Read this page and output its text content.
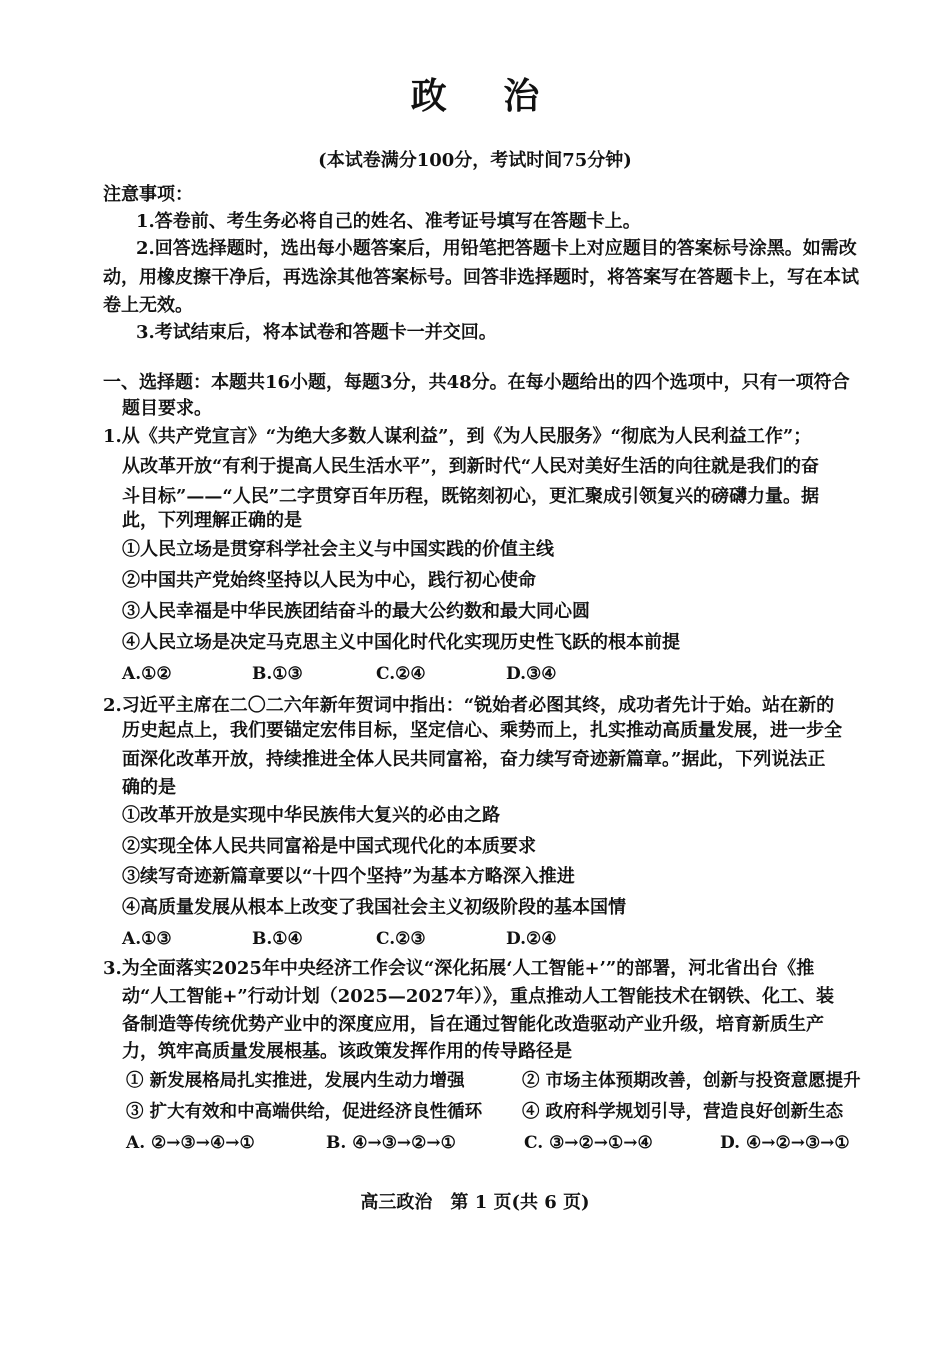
政 治
(本试卷满分100分，考试时间75分钟)
注意事项：
1.答卷前、考生务必将自己的姓名、准考证号填写在答题卡上。
2.回答选择题时，选出每小题答案后，用铅笔把答题卡上对应题目的答案标号涂黑。如需改
动，用橡皮擦干净后，再选涂其他答案标号。回答非选择题时，将答案写在答题卡上，写在本试
卷上无效。
3.考试结束后，将本试卷和答题卡一并交回。
一、选择题：本题共16小题，每题3分，共48分。在每小题给出的四个选项中，只有一项符合
题目要求。
1.从《共产党宣言》“为绝大多数人谋利益”，到《为人民服务》“彻底为人民利益工作”；
从改革开放“有利于提高人民生活水平”，到新时代“人民对美好生活的向往就是我们的奋
斗目标”——“人民”二字贯穿百年历程，既铭刻初心，更汇聚成引领复兴的磅礴力量。据
此，下列理解正确的是
①人民立场是贯穿科学社会主义与中国实践的价值主线
②中国共产党始终坚持以人民为中心，践行初心使命
③人民幸福是中华民族团结奋斗的最大公约数和最大同心圆
④人民立场是决定马克思主义中国化时代化实现历史性飞跃的根本前提
A.①②	B.①③	C.②④	D.③④
2.习近平主席在二〇二六年新年贺词中指出：“锐始者必图其终，成功者先计于始。站在新的
历史起点上，我们要锚定宏伟目标，坚定信心、乘势而上，扎实推动高质量发展，进一步全
面深化改革开放，持续推进全体人民共同富裕，奋力续写奇迹新篇章。”据此，下列说法正
确的是
①改革开放是实现中华民族伟大复兴的必由之路
②实现全体人民共同富裕是中国式现代化的本质要求
③续写奇迹新篇章要以“十四个坚持”为基本方略深入推进
④高质量发展从根本上改变了我国社会主义初级阶段的基本国情
A.①③	B.①④	C.②③	D.②④
3.为全面落实2025年中央经济工作会议“深化拓展‘人工智能+’”的部署，河北省出台《推
动“人工智能+”行动计划（2025—2027年）》，重点推动人工智能技术在钢铁、化工、装
备制造等传统优势产业中的深度应用，旨在通过智能化改造驱动产业升级，培育新质生产
力，筑牢高质量发展根基。该政策发挥作用的传导路径是
① 新发展格局扎实推进，发展内生动力增强	② 市场主体预期改善，创新与投资意愿提升
③ 扩大有效和中高端供给，促进经济良性循环 ④ 政府科学规划引导，营造良好创新生态
A. ②→③→④→①	B. ④→③→②→①	C. ③→②→①→④	D. ④→②→③→①
高三政治　第 1 页(共 6 页)
